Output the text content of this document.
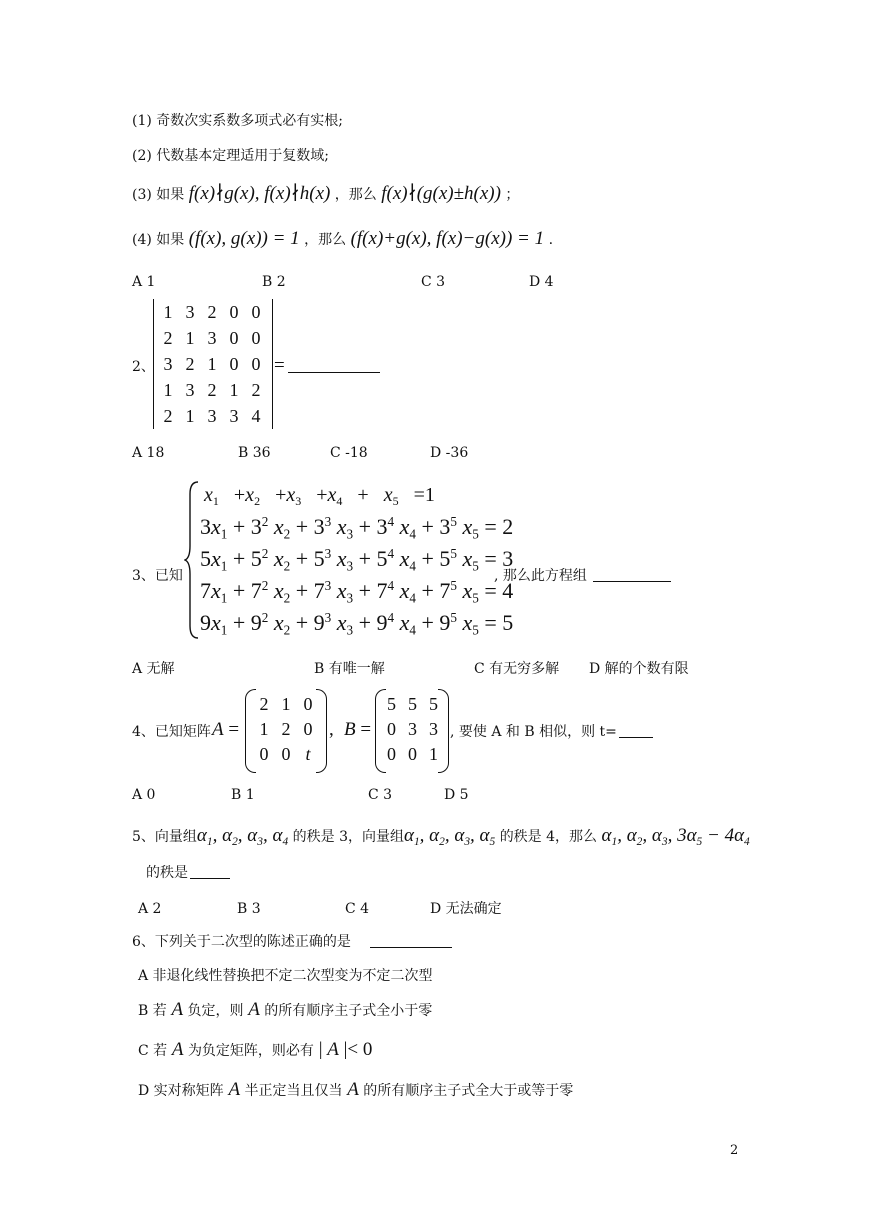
(1) 奇数次实系数多项式必有实根;
(2) 代数基本定理适用于复数域;
(3) 如果 f(x)∤g(x), f(x)∤h(x) ，那么 f(x)∤(g(x)±h(x)) ；
(4) 如果 (f(x), g(x)) = 1 ，那么 (f(x)+g(x), f(x)−g(x)) = 1 .
A 1	B 2	C 3	D 4
2、
1 3 2 0 0
2 1 3 0 0
3 2 1 0 0
1 3 2 1 2
2 1 3 3 4
=
A 18	B 36	C -18	D -36
3、已知
$x_1 +x_2 +x_3 +x_4 + x_5 =1$
$3x_1 + 3^2$ $x_2 + 3^3$ $x_3 + 3^4$ $x_4 + 3^5$ $x_5 = 2$
$5x_1 + 5^2$ $x_2 + 5^3$ $x_3 + 5^4$ $x_4 + 5^5$ $x_5 = 3$
$7x_1 + 7^2$ $x_2 + 7^3$ $x_3 + 7^4$ $x_4 + 7^5$ $x_5 = 4$
$9x_1 + 9^2$ $x_2 + 9^3$ $x_3 + 9^4$ $x_4 + 9^5$ $x_5 = 5$
, 那么此方程组
A 无解	B 有唯一解	C 有无穷多解 D 解的个数有限
4、已知矩阵 A =
2 1 0
1 2 0
0 0 t
, B =
5 5 5
0 3 3
0 0 1
, 要使 A 和 B 相似，则 t=
A 0	B 1	C 3	D 5
5、向量组$\alpha_1$, $\alpha_2$, $\alpha_3$, $\alpha_4$ 的秩是 3，向量组$\alpha_1$, $\alpha_2$, $\alpha_3$, $\alpha_5$ 的秩是 4，那么 $\alpha_1$, $\alpha_2$, $\alpha_3$, $3\alpha_5 - 4\alpha_4$
的秩是
A 2	B 3	C 4	D 无法确定
6、下列关于二次型的陈述正确的是
A 非退化线性替换把不定二次型变为不定二次型
B 若 A 负定，则 A 的所有顺序主子式全小于零
C 若 A 为负定矩阵，则必有 | A |< 0
D 实对称矩阵 A 半正定当且仅当 A 的所有顺序主子式全大于或等于零
2
